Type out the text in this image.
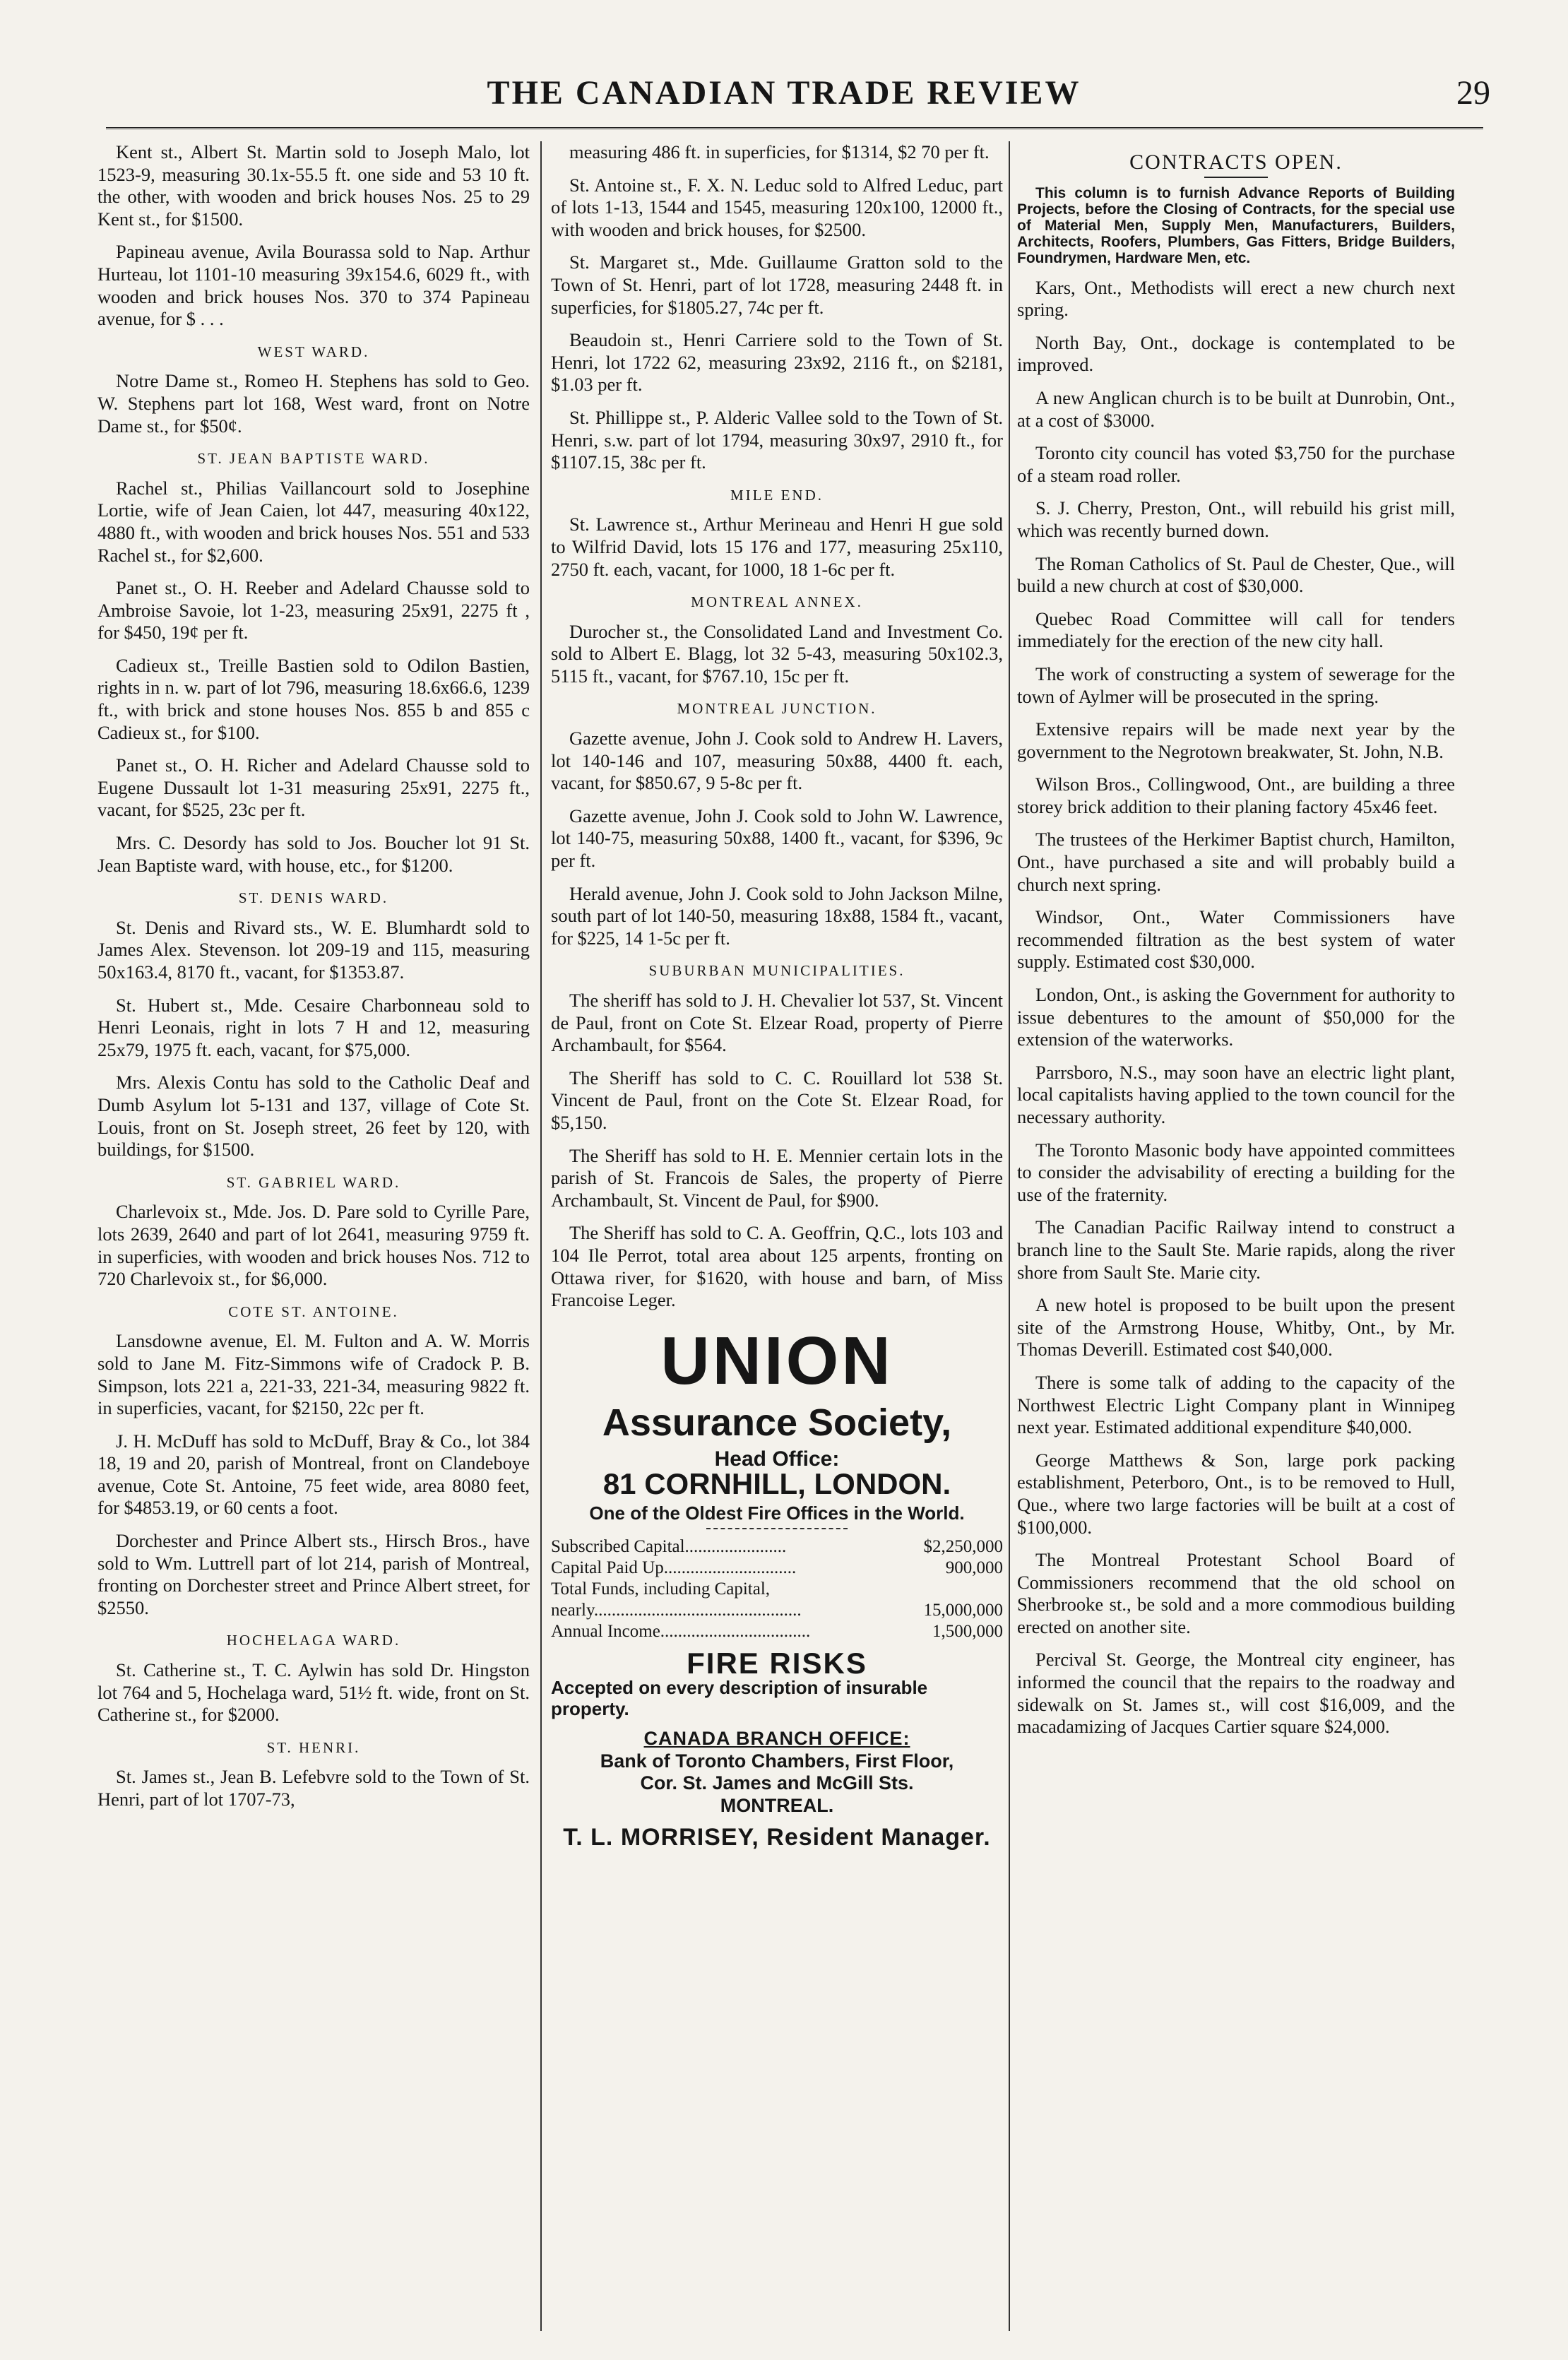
THE CANADIAN TRADE REVIEW	29

Kent st., Albert St. Martin sold to Joseph Malo, lot 1523-9, measuring 30.1x-55.5 ft. one side and 53 10 ft. the other, with wooden and brick houses Nos. 25 to 29 Kent st., for $1500.

Papineau avenue, Avila Bourassa sold to Nap. Arthur Hurteau, lot 1101-10 measuring 39x154.6, 6029 ft., with wooden and brick houses Nos. 370 to 374 Papineau avenue, for $ . . .

WEST WARD.

Notre Dame st., Romeo H. Stephens has sold to Geo. W. Stephens part lot 168, West ward, front on Notre Dame st., for $50¢.

ST. JEAN BAPTISTE WARD.

Rachel st., Philias Vaillancourt sold to Josephine Lortie, wife of Jean Caien, lot 447, measuring 40x122, 4880 ft., with wooden and brick houses Nos. 551 and 533 Rachel st., for $2,600.

Panet st., O. H. Reeber and Adelard Chausse sold to Ambroise Savoie, lot 1-23, measuring 25x91, 2275 ft , for $450, 19¢ per ft.

Cadieux st., Treille Bastien sold to Odilon Bastien, rights in n. w. part of lot 796, measuring 18.6x66.6, 1239 ft., with brick and stone houses Nos. 855 b and 855 c Cadieux st., for $100.

Panet st., O. H. Richer and Adelard Chausse sold to Eugene Dussault lot 1-31 measuring 25x91, 2275 ft., vacant, for $525, 23c per ft.

Mrs. C. Desordy has sold to Jos. Boucher lot 91 St. Jean Baptiste ward, with house, etc., for $1200.

ST. DENIS WARD.

St. Denis and Rivard sts., W. E. Blumhardt sold to James Alex. Stevenson. lot 209-19 and 115, measuring 50x163.4, 8170 ft., vacant, for $1353.87.

St. Hubert st., Mde. Cesaire Charbonneau sold to Henri Leonais, right in lots 7 H and 12, measuring 25x79, 1975 ft. each, vacant, for $75,000.

Mrs. Alexis Contu has sold to the Catholic Deaf and Dumb Asylum lot 5-131 and 137, village of Cote St. Louis, front on St. Joseph street, 26 feet by 120, with buildings, for $1500.

ST. GABRIEL WARD.

Charlevoix st., Mde. Jos. D. Pare sold to Cyrille Pare, lots 2639, 2640 and part of lot 2641, measuring 9759 ft. in superficies, with wooden and brick houses Nos. 712 to 720 Charlevoix st., for $6,000.

COTE ST. ANTOINE.

Lansdowne avenue, El. M. Fulton and A. W. Morris sold to Jane M. Fitz-Simmons wife of Cradock P. B. Simpson, lots 221 a, 221-33, 221-34, measuring 9822 ft. in superficies, vacant, for $2150, 22c per ft.

J. H. McDuff has sold to McDuff, Bray & Co., lot 384 18, 19 and 20, parish of Montreal, front on Clandeboye avenue, Cote St. Antoine, 75 feet wide, area 8080 feet, for $4853.19, or 60 cents a foot.

Dorchester and Prince Albert sts., Hirsch Bros., have sold to Wm. Luttrell part of lot 214, parish of Montreal, fronting on Dorchester street and Prince Albert street, for $2550.

HOCHELAGA WARD.

St. Catherine st., T. C. Aylwin has sold Dr. Hingston lot 764 and 5, Hochelaga ward, 51½ ft. wide, front on St. Catherine st., for $2000.

ST. HENRI.

St. James st., Jean B. Lefebvre sold to the Town of St. Henri, part of lot 1707-73,

measuring 486 ft. in superficies, for $1314, $2 70 per ft.

St. Antoine st., F. X. N. Leduc sold to Alfred Leduc, part of lots 1-13, 1544 and 1545, measuring 120x100, 12000 ft., with wooden and brick houses, for $2500.

St. Margaret st., Mde. Guillaume Gratton sold to the Town of St. Henri, part of lot 1728, measuring 2448 ft. in superficies, for $1805.27, 74c per ft.

Beaudoin st., Henri Carriere sold to the Town of St. Henri, lot 1722 62, measuring 23x92, 2116 ft., on $2181, $1.03 per ft.

St. Phillippe st., P. Alderic Vallee sold to the Town of St. Henri, s.w. part of lot 1794, measuring 30x97, 2910 ft., for $1107.15, 38c per ft.

MILE END.

St. Lawrence st., Arthur Merineau and Henri H gue sold to Wilfrid David, lots 15 176 and 177, measuring 25x110, 2750 ft. each, vacant, for 1000, 18 1-6c per ft.

MONTREAL ANNEX.

Durocher st., the Consolidated Land and Investment Co. sold to Albert E. Blagg, lot 32 5-43, measuring 50x102.3, 5115 ft., vacant, for $767.10, 15c per ft.

MONTREAL JUNCTION.

Gazette avenue, John J. Cook sold to Andrew H. Lavers, lot 140-146 and 107, measuring 50x88, 4400 ft. each, vacant, for $850.67, 9 5-8c per ft.

Gazette avenue, John J. Cook sold to John W. Lawrence, lot 140-75, measuring 50x88, 1400 ft., vacant, for $396, 9c per ft.

Herald avenue, John J. Cook sold to John Jackson Milne, south part of lot 140-50, measuring 18x88, 1584 ft., vacant, for $225, 14 1-5c per ft.

SUBURBAN MUNICIPALITIES.

The sheriff has sold to J. H. Chevalier lot 537, St. Vincent de Paul, front on Cote St. Elzear Road, property of Pierre Archambault, for $564.

The Sheriff has sold to C. C. Rouillard lot 538 St. Vincent de Paul, front on the Cote St. Elzear Road, for $5,150.

The Sheriff has sold to H. E. Mennier certain lots in the parish of St. Francois de Sales, the property of Pierre Archambault, St. Vincent de Paul, for $900.

The Sheriff has sold to C. A. Geoffrin, Q.C., lots 103 and 104 Ile Perrot, total area about 125 arpents, fronting on Ottawa river, for $1620, with house and barn, of Miss Francoise Leger.

UNION
Assurance Society,
Head Office:
81 CORNHILL, LONDON.
One of the Oldest Fire Offices in the World.
Subscribed Capital.......................	$2,250,000
Capital Paid Up..............................	900,000
Total Funds, including Capital,	
nearly...............................................	15,000,000
Annual Income..................................	1,500,000
FIRE RISKS
Accepted on every description of insurable property.
CANADA BRANCH OFFICE:
Bank of Toronto Chambers, First Floor,
Cor. St. James and McGill Sts.
MONTREAL.
T. L. MORRISEY, Resident Manager.
CONTRACTS OPEN.

This column is to furnish Advance Reports of Building Projects, before the Closing of Contracts, for the special use of Material Men, Supply Men, Manufacturers, Builders, Architects, Roofers, Plumbers, Gas Fitters, Bridge Builders, Foundrymen, Hardware Men, etc.

Kars, Ont., Methodists will erect a new church next spring.

North Bay, Ont., dockage is contemplated to be improved.

A new Anglican church is to be built at Dunrobin, Ont., at a cost of $3000.

Toronto city council has voted $3,750 for the purchase of a steam road roller.

S. J. Cherry, Preston, Ont., will rebuild his grist mill, which was recently burned down.

The Roman Catholics of St. Paul de Chester, Que., will build a new church at cost of $30,000.

Quebec Road Committee will call for tenders immediately for the erection of the new city hall.

The work of constructing a system of sewerage for the town of Aylmer will be prosecuted in the spring.

Extensive repairs will be made next year by the government to the Negrotown breakwater, St. John, N.B.

Wilson Bros., Collingwood, Ont., are building a three storey brick addition to their planing factory 45x46 feet.

The trustees of the Herkimer Baptist church, Hamilton, Ont., have purchased a site and will probably build a church next spring.

Windsor, Ont., Water Commissioners have recommended filtration as the best system of water supply. Estimated cost $30,000.

London, Ont., is asking the Government for authority to issue debentures to the amount of $50,000 for the extension of the waterworks.

Parrsboro, N.S., may soon have an electric light plant, local capitalists having applied to the town council for the necessary authority.

The Toronto Masonic body have appointed committees to consider the advisability of erecting a building for the use of the fraternity.

The Canadian Pacific Railway intend to construct a branch line to the Sault Ste. Marie rapids, along the river shore from Sault Ste. Marie city.

A new hotel is proposed to be built upon the present site of the Armstrong House, Whitby, Ont., by Mr. Thomas Deverill. Estimated cost $40,000.

There is some talk of adding to the capacity of the Northwest Electric Light Company plant in Winnipeg next year. Estimated additional expenditure $40,000.

George Matthews & Son, large pork packing establishment, Peterboro, Ont., is to be removed to Hull, Que., where two large factories will be built at a cost of $100,000.

The Montreal Protestant School Board of Commissioners recommend that the old school on Sherbrooke st., be sold and a more commodious building erected on another site.

Percival St. George, the Montreal city engineer, has informed the council that the repairs to the roadway and sidewalk on St. James st., will cost $16,009, and the macadamizing of Jacques Cartier square $24,000.
